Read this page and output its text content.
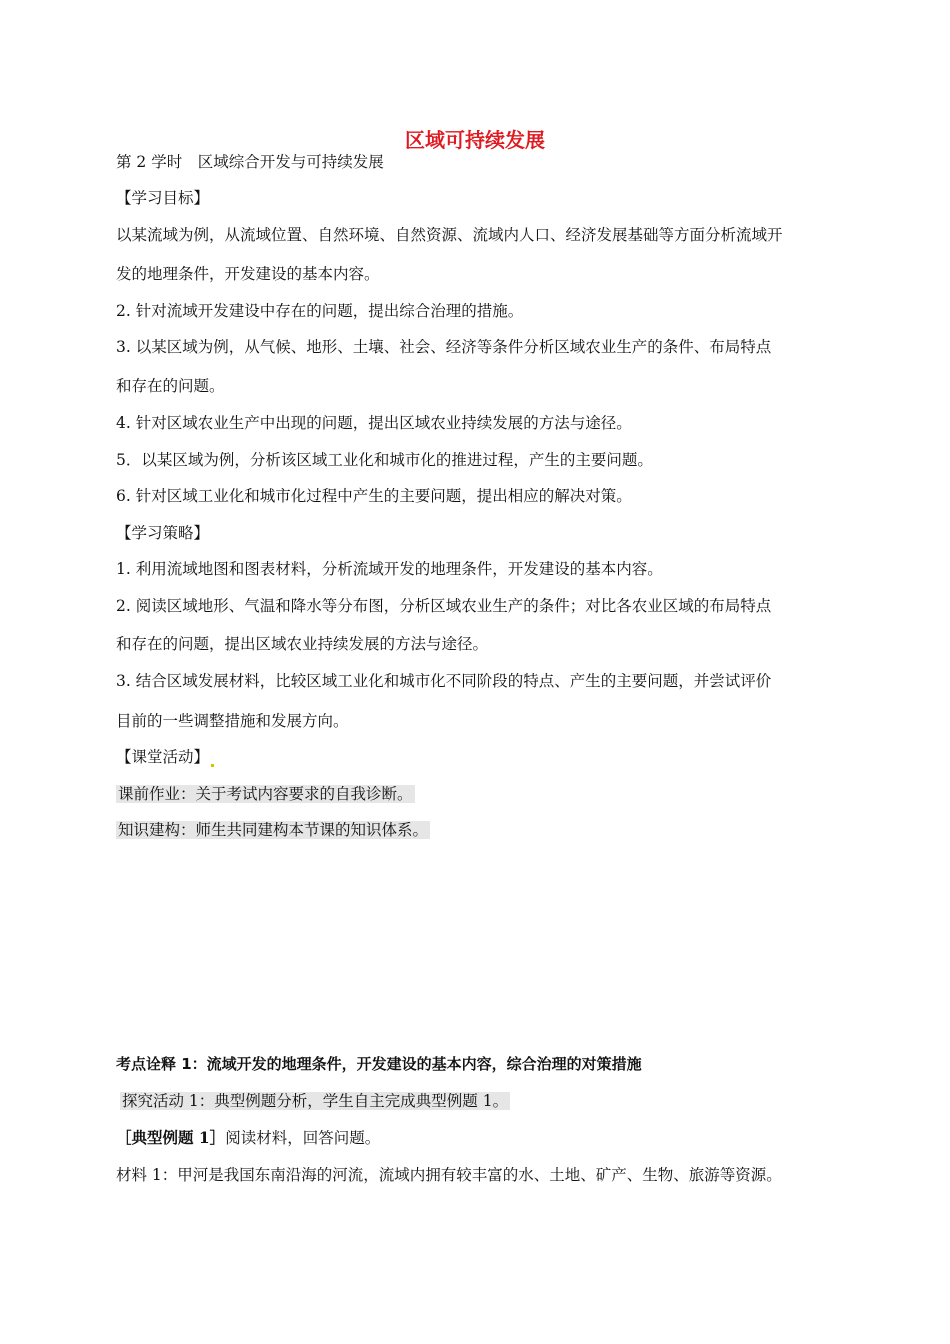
区域可持续发展
第 2 学时　区域综合开发与可持续发展
【学习目标】
以某流域为例，从流域位置、自然环境、自然资源、流域内人口、经济发展基础等方面分析流域开
发的地理条件，开发建设的基本内容。
2. 针对流域开发建设中存在的问题，提出综合治理的措施。
3. 以某区域为例，从气候、地形、土壤、社会、经济等条件分析区域农业生产的条件、布局特点
和存在的问题。
4. 针对区域农业生产中出现的问题，提出区域农业持续发展的方法与途径。
5．以某区域为例，分析该区域工业化和城市化的推进过程，产生的主要问题。
6. 针对区域工业化和城市化过程中产生的主要问题，提出相应的解决对策。
【学习策略】
1. 利用流域地图和图表材料，分析流域开发的地理条件，开发建设的基本内容。
2. 阅读区域地形、气温和降水等分布图，分析区域农业生产的条件；对比各农业区域的布局特点
和存在的问题，提出区域农业持续发展的方法与途径。
3. 结合区域发展材料，比较区域工业化和城市化不同阶段的特点、产生的主要问题，并尝试评价
目前的一些调整措施和发展方向。
【课堂活动】
课前作业：关于考试内容要求的自我诊断。
知识建构：师生共同建构本节课的知识体系。
考点诠释 1：流域开发的地理条件，开发建设的基本内容，综合治理的对策措施
探究活动 1：典型例题分析，学生自主完成典型例题 1。
［典型例题 1］阅读材料，回答问题。
材料 1：甲河是我国东南沿海的河流，流域内拥有较丰富的水、土地、矿产、生物、旅游等资源。
